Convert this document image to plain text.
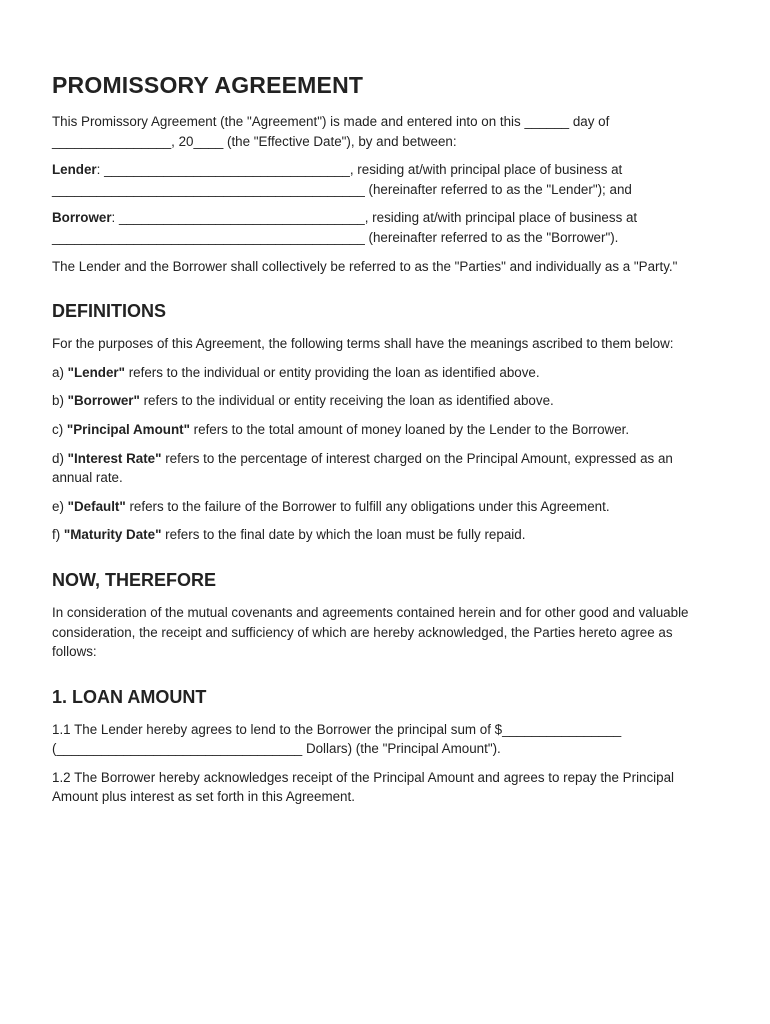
PROMISSORY AGREEMENT

This Promissory Agreement (the "Agreement") is made and entered into on this ______ day of ________________, 20____ (the "Effective Date"), by and between:

Lender: _________________________________, residing at/with principal place of business at __________________________________________ (hereinafter referred to as the "Lender"); and

Borrower: _________________________________, residing at/with principal place of business at __________________________________________ (hereinafter referred to as the "Borrower").

The Lender and the Borrower shall collectively be referred to as the "Parties" and individually as a "Party."

DEFINITIONS

For the purposes of this Agreement, the following terms shall have the meanings ascribed to them below:

a) "Lender" refers to the individual or entity providing the loan as identified above.

b) "Borrower" refers to the individual or entity receiving the loan as identified above.

c) "Principal Amount" refers to the total amount of money loaned by the Lender to the Borrower.

d) "Interest Rate" refers to the percentage of interest charged on the Principal Amount, expressed as an annual rate.

e) "Default" refers to the failure of the Borrower to fulfill any obligations under this Agreement.

f) "Maturity Date" refers to the final date by which the loan must be fully repaid.

NOW, THEREFORE

In consideration of the mutual covenants and agreements contained herein and for other good and valuable consideration, the receipt and sufficiency of which are hereby acknowledged, the Parties hereto agree as follows:

1. LOAN AMOUNT

1.1 The Lender hereby agrees to lend to the Borrower the principal sum of $________________ (_________________________________ Dollars) (the "Principal Amount").

1.2 The Borrower hereby acknowledges receipt of the Principal Amount and agrees to repay the Principal Amount plus interest as set forth in this Agreement.
